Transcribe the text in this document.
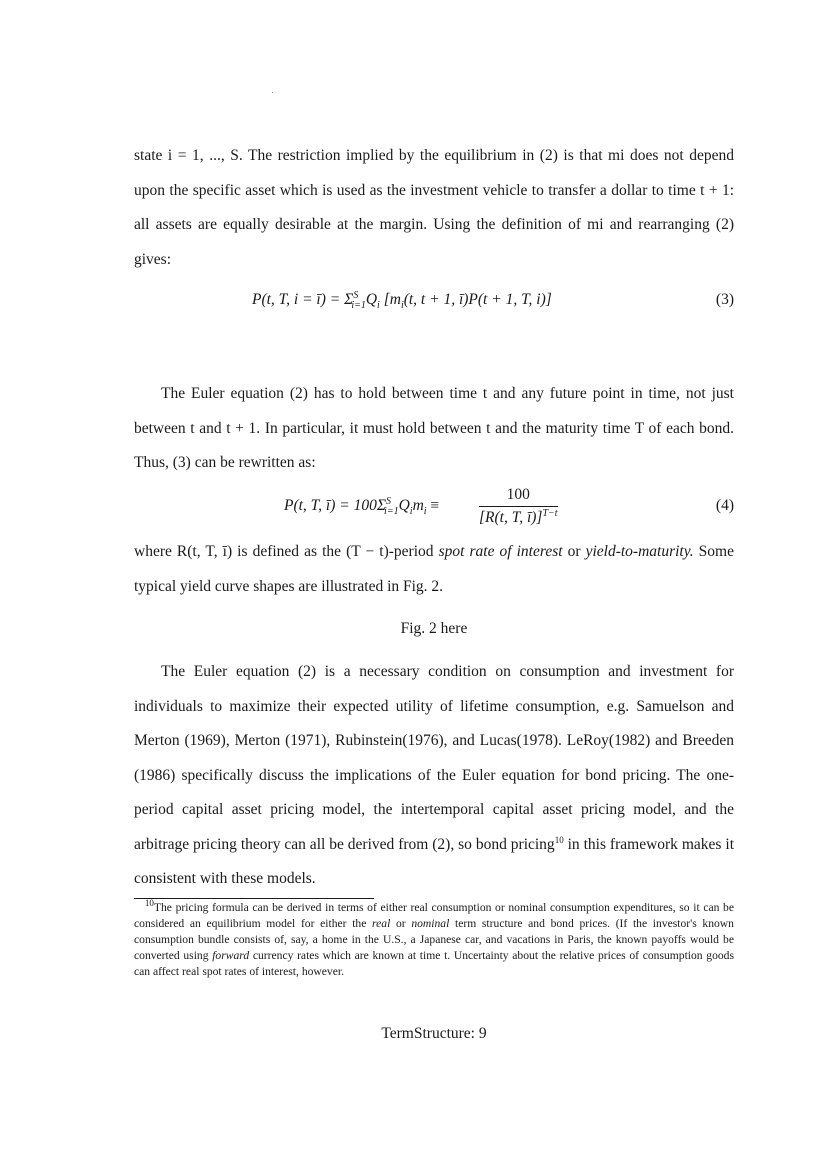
state i = 1, ..., S. The restriction implied by the equilibrium in (2) is that mi does not depend upon the specific asset which is used as the investment vehicle to transfer a dollar to time t + 1: all assets are equally desirable at the margin. Using the definition of mi and rearranging (2) gives:

P(t, T, i = ī) = $\Sigma^S_{i=1}Q_i$ [$m_i(t$, t + 1, ī)P(t + 1, T, i)]	(3)

The Euler equation (2) has to hold between time t and any future point in time, not just between t and t + 1. In particular, it must hold between t and the maturity time T of each bond. Thus, (3) can be rewritten as:

P(t, T, ī) = $100\Sigma^S_{i=1}Q_im_i$ ≡	$\frac{100}{[R(t, T, ī)]^{T-t}}$	(4)

where R(t, T, ī) is defined as the (T − t)-period spot rate of interest or yield-to-maturity. Some typical yield curve shapes are illustrated in Fig. 2.

Fig. 2 here

The Euler equation (2) is a necessary condition on consumption and investment for individuals to maximize their expected utility of lifetime consumption, e.g. Samuelson and Merton (1969), Merton (1971), Rubinstein(1976), and Lucas(1978). LeRoy(1982) and Breeden (1986) specifically discuss the implications of the Euler equation for bond pricing. The one-period capital asset pricing model, the intertemporal capital asset pricing model, and the arbitrage pricing theory can all be derived from (2), so bond pricing$^{10}$ in this framework makes it consistent with these models.

$^{10}$The pricing formula can be derived in terms of either real consumption or nominal consumption expenditures, so it can be considered an equilibrium model for either the real or nominal term structure and bond prices. (If the investor's known consumption bundle consists of, say, a home in the U.S., a Japanese car, and vacations in Paris, the known payoffs would be converted using forward currency rates which are known at time t. Uncertainty about the relative prices of consumption goods can affect real spot rates of interest, however.

TermStructure: 9
